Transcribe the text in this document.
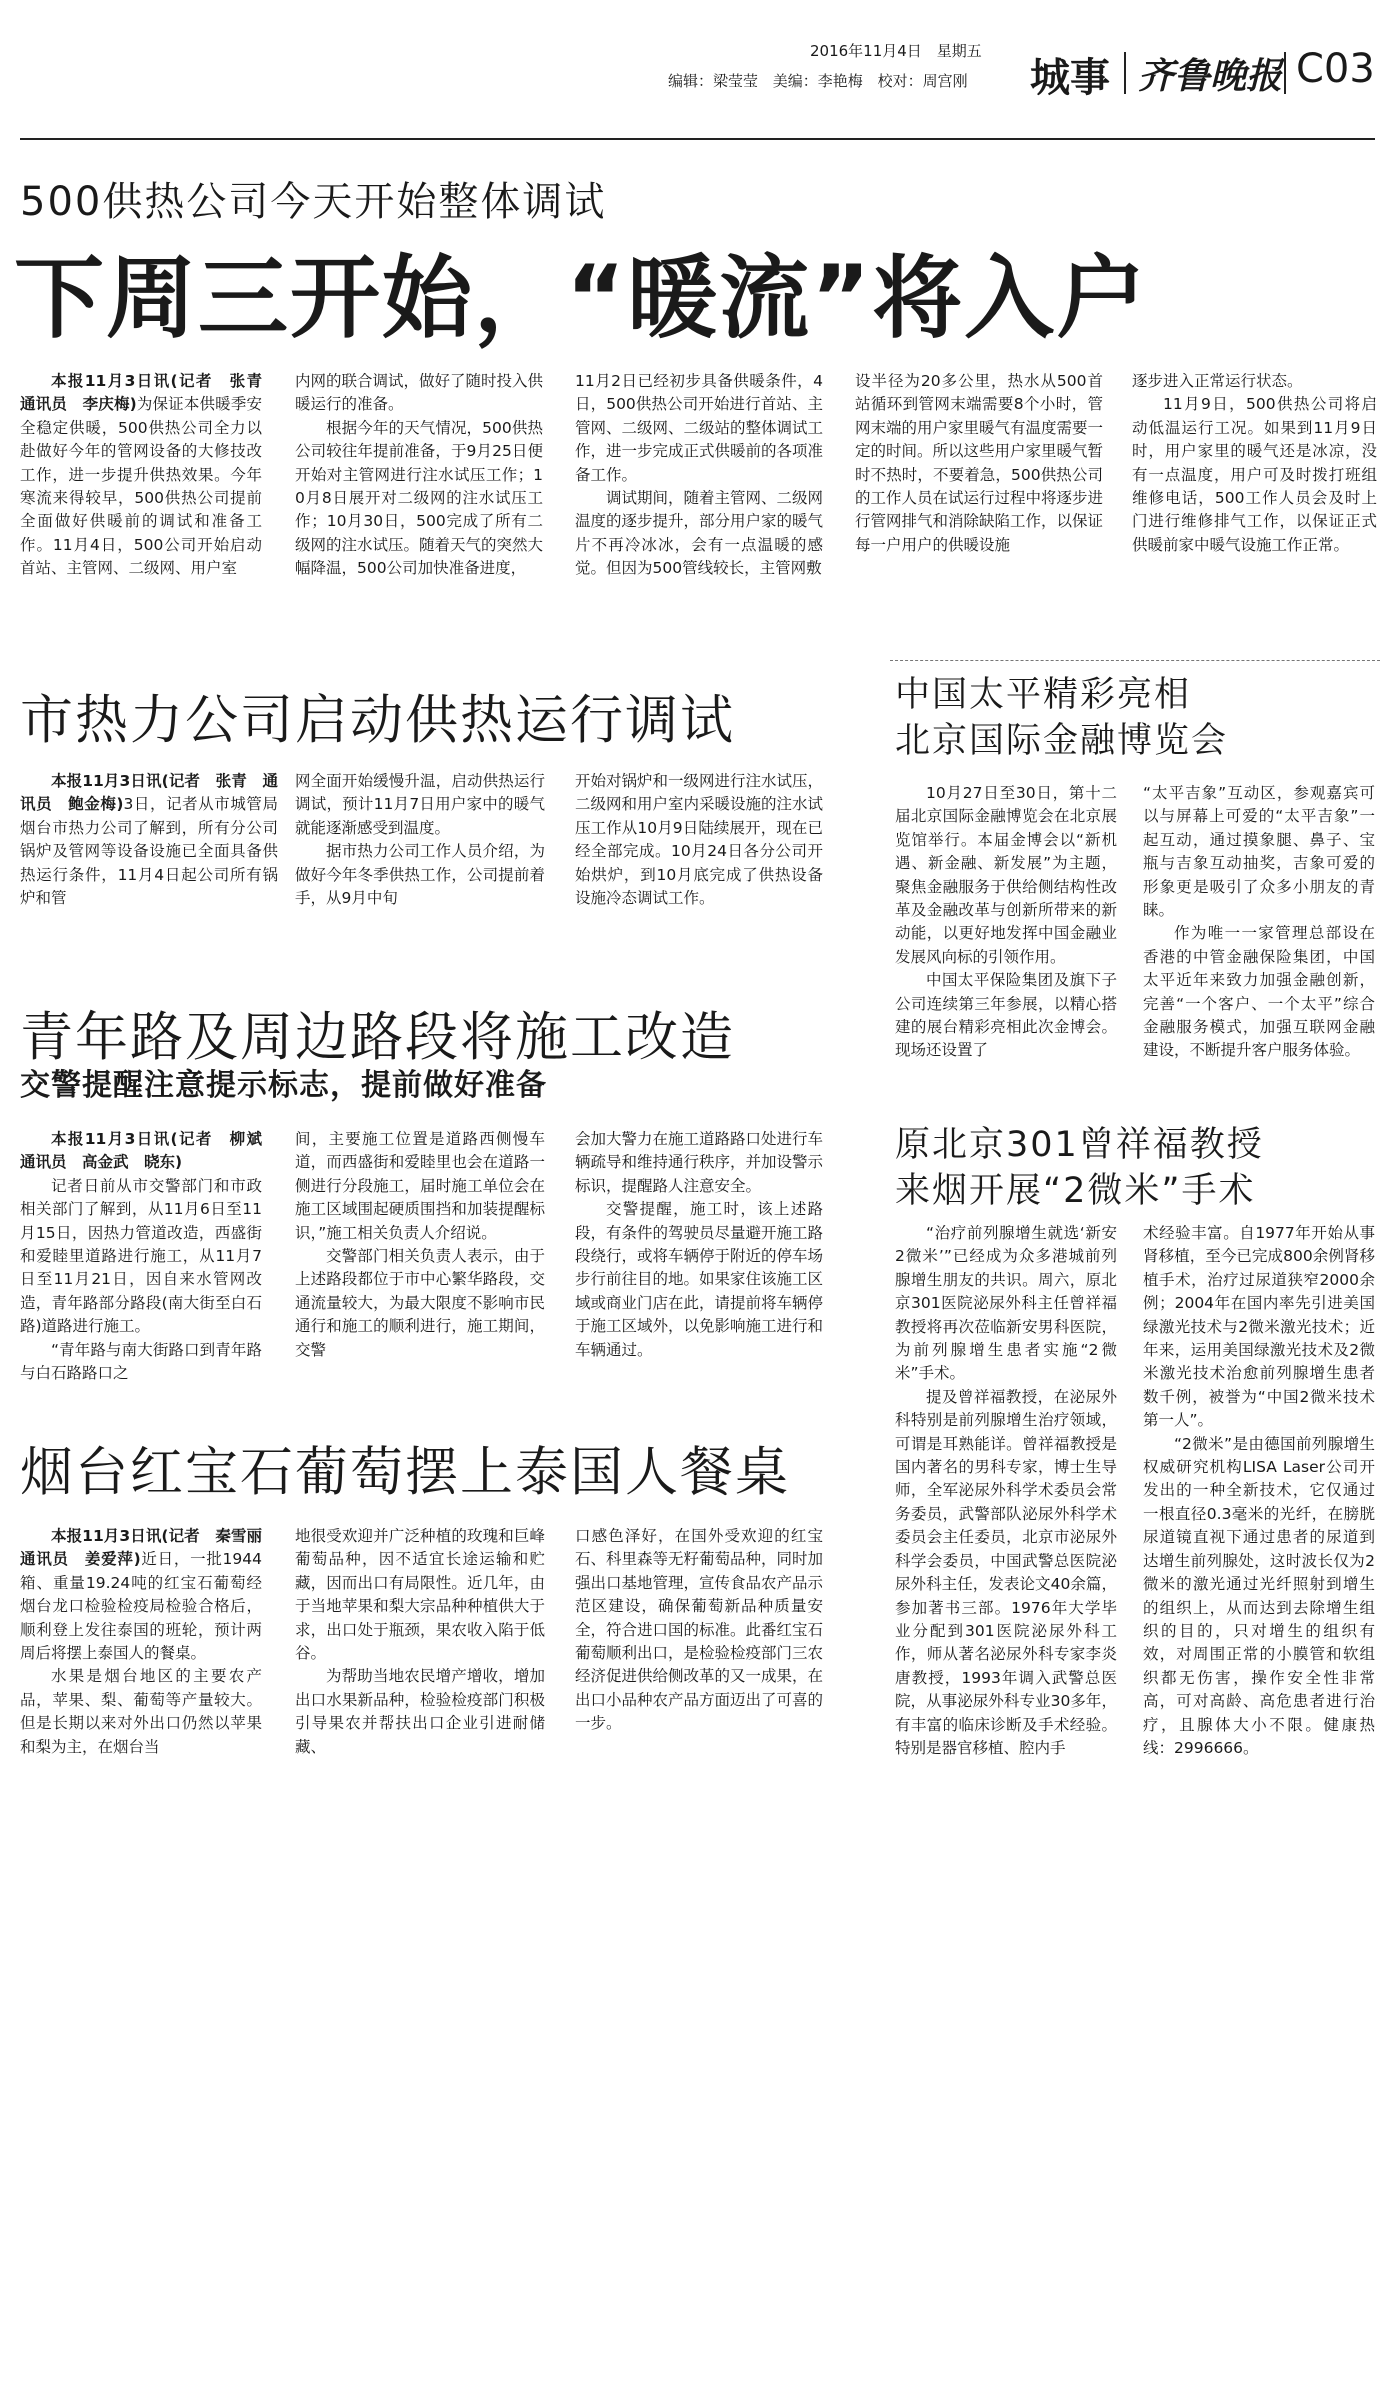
2016年11月4日　星期五
编辑：梁莹莹 美编：李艳梅 校对：周宫刚 城事 齐鲁晚报 C03
500供热公司今天开始整体调试
下周三开始，“暖流”将入户

本报11月3日讯(记者　张青　通讯员　李庆梅)为保证本供暖季安全稳定供暖，500供热公司全力以赴做好今年的管网设备的大修技改工作，进一步提升供热效果。今年寒流来得较早，500供热公司提前全面做好供暖前的调试和准备工作。11月4日，500公司开始启动首站、主管网、二级网、用户室

内网的联合调试，做好了随时投入供暖运行的准备。

根据今年的天气情况，500供热公司较往年提前准备，于9月25日便开始对主管网进行注水试压工作；10月8日展开对二级网的注水试压工作；10月30日，500完成了所有二级网的注水试压。随着天气的突然大幅降温，500公司加快准备进度，

11月2日已经初步具备供暖条件，4日，500供热公司开始进行首站、主管网、二级网、二级站的整体调试工作，进一步完成正式供暖前的各项准备工作。

调试期间，随着主管网、二级网温度的逐步提升，部分用户家的暖气片不再冷冰冰，会有一点温暖的感觉。但因为500管线较长，主管网敷

设半径为20多公里，热水从500首站循环到管网末端需要8个小时，管网末端的用户家里暖气有温度需要一定的时间。所以这些用户家里暖气暂时不热时，不要着急，500供热公司的工作人员在试运行过程中将逐步进行管网排气和消除缺陷工作，以保证每一户用户的供暖设施

逐步进入正常运行状态。

11月9日，500供热公司将启动低温运行工况。如果到11月9日时，用户家里的暖气还是冰凉，没有一点温度，用户可及时拨打班组维修电话，500工作人员会及时上门进行维修排气工作，以保证正式供暖前家中暖气设施工作正常。

市热力公司启动供热运行调试

本报11月3日讯(记者　张青　通讯员　鲍金梅)3日，记者从市城管局烟台市热力公司了解到，所有分公司锅炉及管网等设备设施已全面具备供热运行条件，11月4日起公司所有锅炉和管

网全面开始缓慢升温，启动供热运行调试，预计11月7日用户家中的暖气就能逐渐感受到温度。

据市热力公司工作人员介绍，为做好今年冬季供热工作，公司提前着手，从9月中旬

开始对锅炉和一级网进行注水试压，二级网和用户室内采暖设施的注水试压工作从10月9日陆续展开，现在已经全部完成。10月24日各分公司开始烘炉，到10月底完成了供热设备设施冷态调试工作。

青年路及周边路段将施工改造
交警提醒注意提示标志，提前做好准备

本报11月3日讯(记者　柳斌　通讯员　高金武　晓东)

记者日前从市交警部门和市政相关部门了解到，从11月6日至11月15日，因热力管道改造，西盛街和爱睦里道路进行施工，从11月7日至11月21日，因自来水管网改造，青年路部分路段(南大街至白石路)道路进行施工。

“青年路与南大街路口到青年路与白石路路口之

间，主要施工位置是道路西侧慢车道，而西盛街和爱睦里也会在道路一侧进行分段施工，届时施工单位会在施工区域围起硬质围挡和加装提醒标识，”施工相关负责人介绍说。

交警部门相关负责人表示，由于上述路段都位于市中心繁华路段，交通流量较大，为最大限度不影响市民通行和施工的顺利进行，施工期间，交警

会加大警力在施工道路路口处进行车辆疏导和维持通行秩序，并加设警示标识，提醒路人注意安全。

交警提醒，施工时，该上述路段，有条件的驾驶员尽量避开施工路段绕行，或将车辆停于附近的停车场步行前往目的地。如果家住该施工区域或商业门店在此，请提前将车辆停于施工区域外，以免影响施工进行和车辆通过。

烟台红宝石葡萄摆上泰国人餐桌

本报11月3日讯(记者　秦雪丽　通讯员　姜爱萍)近日，一批1944箱、重量19.24吨的红宝石葡萄经烟台龙口检验检疫局检验合格后，顺利登上发往泰国的班轮，预计两周后将摆上泰国人的餐桌。

水果是烟台地区的主要农产品，苹果、梨、葡萄等产量较大。但是长期以来对外出口仍然以苹果和梨为主，在烟台当

地很受欢迎并广泛种植的玫瑰和巨峰葡萄品种，因不适宜长途运输和贮藏，因而出口有局限性。近几年，由于当地苹果和梨大宗品种种植供大于求，出口处于瓶颈，果农收入陷于低谷。

为帮助当地农民增产增收，增加出口水果新品种，检验检疫部门积极引导果农并帮扶出口企业引进耐储藏、

口感色泽好，在国外受欢迎的红宝石、科里森等无籽葡萄品种，同时加强出口基地管理，宣传食品农产品示范区建设，确保葡萄新品种质量安全，符合进口国的标准。此番红宝石葡萄顺利出口，是检验检疫部门三农经济促进供给侧改革的又一成果，在出口小品种农产品方面迈出了可喜的一步。

中国太平精彩亮相
北京国际金融博览会

10月27日至30日，第十二届北京国际金融博览会在北京展览馆举行。本届金博会以“新机遇、新金融、新发展”为主题，聚焦金融服务于供给侧结构性改革及金融改革与创新所带来的新动能，以更好地发挥中国金融业发展风向标的引领作用。

中国太平保险集团及旗下子公司连续第三年参展，以精心搭建的展台精彩亮相此次金博会。现场还设置了

“太平吉象”互动区，参观嘉宾可以与屏幕上可爱的“太平吉象”一起互动，通过摸象腿、鼻子、宝瓶与吉象互动抽奖，吉象可爱的形象更是吸引了众多小朋友的青睐。

作为唯一一家管理总部设在香港的中管金融保险集团，中国太平近年来致力加强金融创新，完善“一个客户、一个太平”综合金融服务模式，加强互联网金融建设，不断提升客户服务体验。

原北京301曾祥福教授
来烟开展“2微米”手术

“治疗前列腺增生就选‘新安2微米’”已经成为众多港城前列腺增生朋友的共识。周六，原北京301医院泌尿外科主任曾祥福教授将再次莅临新安男科医院，为前列腺增生患者实施“2微米”手术。

提及曾祥福教授，在泌尿外科特别是前列腺增生治疗领域，可谓是耳熟能详。曾祥福教授是国内著名的男科专家，博士生导师，全军泌尿外科学术委员会常务委员，武警部队泌尿外科学术委员会主任委员，北京市泌尿外科学会委员，中国武警总医院泌尿外科主任，发表论文40余篇，参加著书三部。1976年大学毕业分配到301医院泌尿外科工作，师从著名泌尿外科专家李炎唐教授，1993年调入武警总医院，从事泌尿外科专业30多年，有丰富的临床诊断及手术经验。特别是器官移植、腔内手

术经验丰富。自1977年开始从事肾移植，至今已完成800余例肾移植手术，治疗过尿道狭窄2000余例；2004年在国内率先引进美国绿激光技术与2微米激光技术；近年来，运用美国绿激光技术及2微米激光技术治愈前列腺增生患者数千例，被誉为“中国2微米技术第一人”。

“2微米”是由德国前列腺增生权威研究机构LISA Laser公司开发出的一种全新技术，它仅通过一根直径0.3毫米的光纤，在膀胱尿道镜直视下通过患者的尿道到达增生前列腺处，这时波长仅为2微米的激光通过光纤照射到增生的组织上，从而达到去除增生组织的目的，只对增生的组织有效，对周围正常的小膜管和软组织都无伤害，操作安全性非常高，可对高龄、高危患者进行治疗，且腺体大小不限。健康热线：2996666。
